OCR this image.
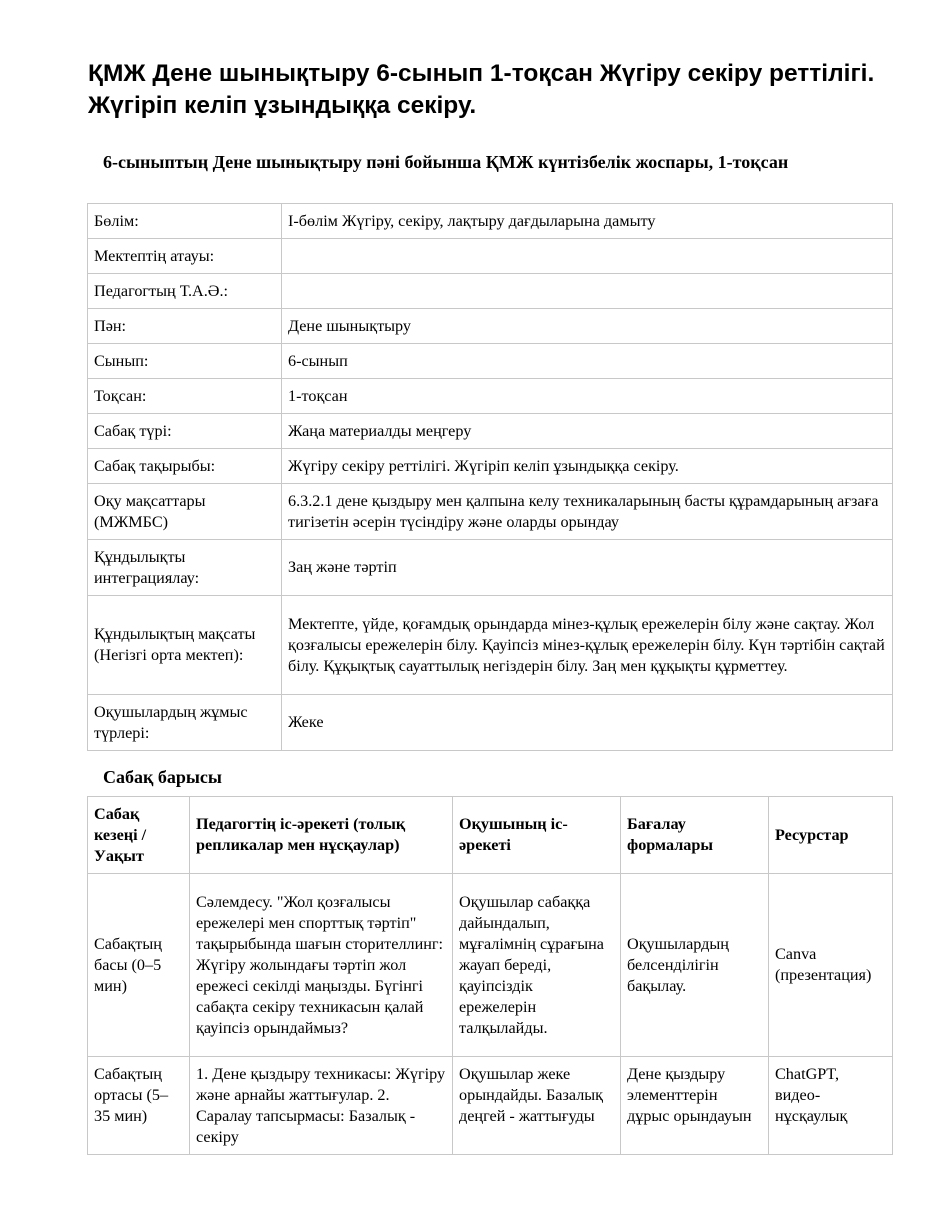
ҚМЖ Дене шынықтыру 6-сынып 1-тоқсан Жүгіру секіру реттілігі. Жүгіріп келіп ұзындыққа секіру.
6-сыныптың Дене шынықтыру пәні бойынша ҚМЖ күнтізбелік жоспары, 1-тоқсан
Бөлім:	І-бөлім Жүгіру, секіру, лақтыру дағдыларына дамыту
Мектептің атауы:	
Педагогтың Т.А.Ә.:	
Пән:	Дене шынықтыру
Сынып:	6-сынып
Тоқсан:	1-тоқсан
Сабақ түрі:	Жаңа материалды меңгеру
Сабақ тақырыбы:	Жүгіру секіру реттілігі. Жүгіріп келіп ұзындыққа секіру.
Оқу мақсаттары (МЖМБС)	6.3.2.1 дене қыздыру мен қалпына келу техникаларының басты құрамдарының ағзаға тигізетін әсерін түсіндіру және оларды орындау
Құндылықты интеграциялау:	Заң және тәртіп
Құндылықтың мақсаты (Негізгі орта мектеп):	Мектепте, үйде, қоғамдық орындарда мінез-құлық ережелерін білу және сақтау. Жол қозғалысы ережелерін білу. Қауіпсіз мінез-құлық ережелерін білу. Күн тәртібін сақтай білу. Құқықтық сауаттылық негіздерін білу. Заң мен құқықты құрметтеу.
Оқушылардың жұмыс түрлері:	Жеке
Сабақ барысы
Сабақ кезеңі / Уақыт	Педагогтің іс-әрекеті (толық репликалар мен нұсқаулар)	Оқушының іс-әрекеті	Бағалау формалары	Ресурстар
Сабақтың басы (0–5 мин)	Сәлемдесу. "Жол қозғалысы ережелері мен спорттық тәртіп" тақырыбында шағын сторителлинг: Жүгіру жолындағы тәртіп жол ережесі секілді маңызды. Бүгінгі сабақта секіру техникасын қалай қауіпсіз орындаймыз?	Оқушылар сабаққа дайындалып, мұғалімнің сұрағына жауап береді, қауіпсіздік ережелерін талқылайды.	Оқушылардың белсенділігін бақылау.	Canva (презентация)
Сабақтың ортасы (5–35 мин)	1. Дене қыздыру техникасы: Жүгіру және арнайы жаттығулар. 2. Саралау тапсырмасы: Базалық - секіру	Оқушылар жеке орындайды. Базалық деңгей - жаттығуды	Дене қыздыру элементтерін дұрыс орындауын	ChatGPT, видео-нұсқаулық
